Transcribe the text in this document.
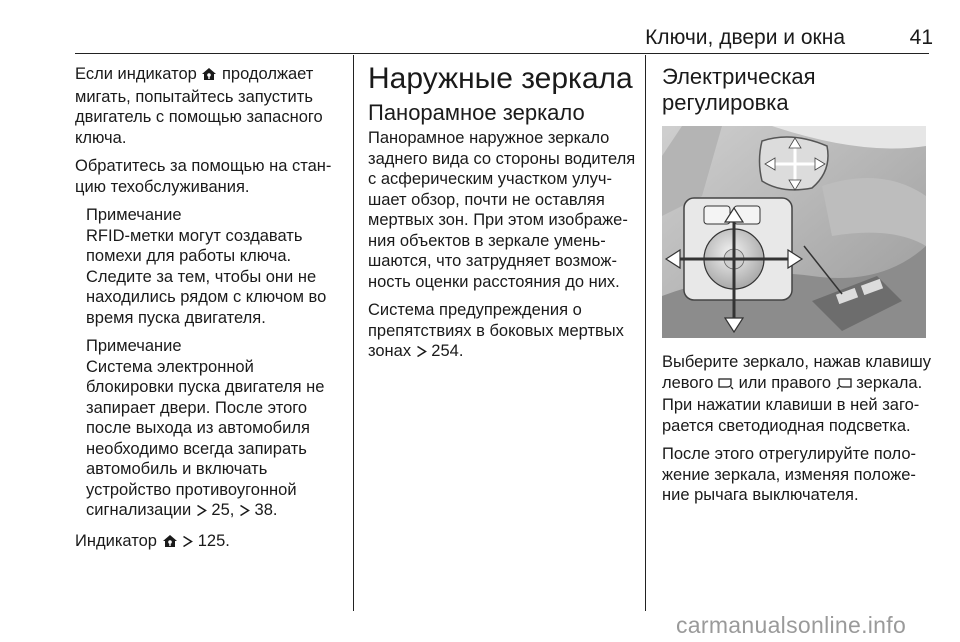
Ключи, двери и окна	41

Если индикатор  продолжает мигать, попытайтесь запустить двигатель с помощью запасного ключа.

Обратитесь за помощью на станцию техобслуживания.

Примечание
RFID-метки могут создавать помехи для работы ключа. Следите за тем, чтобы они не находились рядом с ключом во время пуска двигателя.
Примечание
Система электронной блокировки пуска двигателя не запирает двери. После этого после выхода из автомобиля необходимо всегда запирать автомобиль и включать устройство противоугонной сигнализации  25,  38.

Индикатор   125.

Наружные зеркала
Панорамное зеркало

Панорамное наружное зеркало заднего вида со стороны водителя с асферическим участком улучшает обзор, почти не оставляя мертвых зон. При этом изображения объектов в зеркале уменьшаются, что затрудняет возможность оценки расстояния до них.

Система предупреждения о препятствиях в боковых мертвых зонах  254.

Электрическая регулировка

Выберите зеркало, нажав клавишу левого  или правого  зеркала. При нажатии клавиши в ней загорается светодиодная подсветка.

После этого отрегулируйте положение зеркала, изменяя положение рычага выключателя.

carmanualsonline.info
